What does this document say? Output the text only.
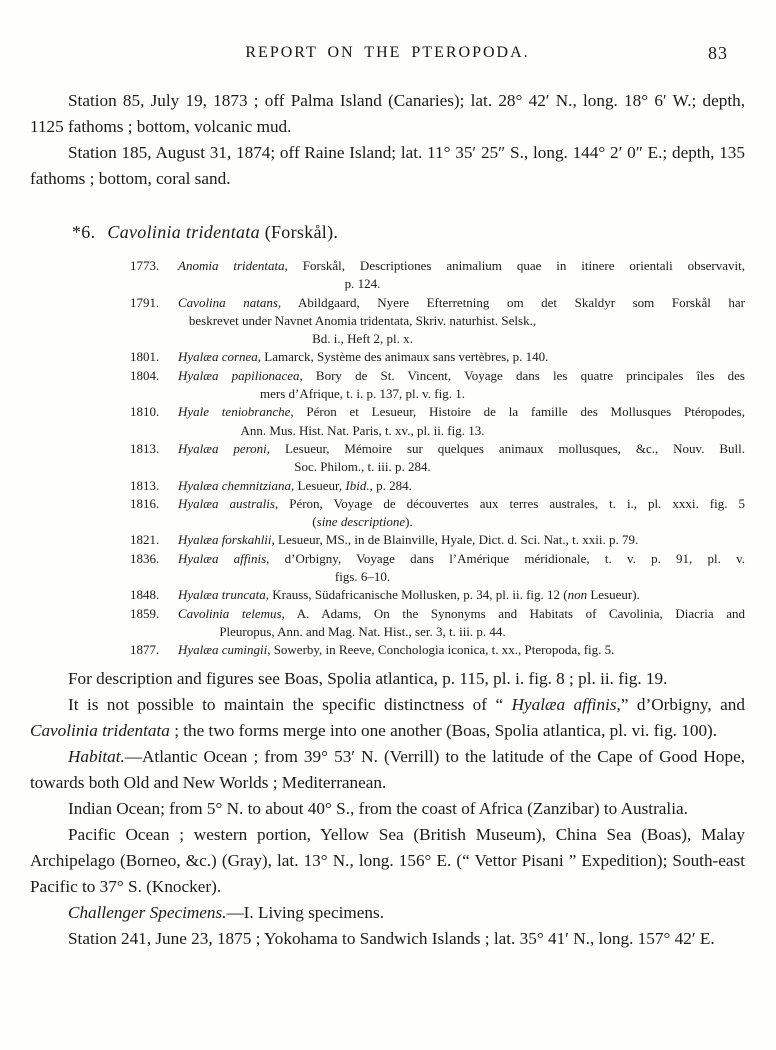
REPORT ON THE PTEROPODA.	83

Station 85, July 19, 1873 ; off Palma Island (Canaries); lat. 28° 42′ N., long. 18° 6′ W.; depth, 1125 fathoms ; bottom, volcanic mud.

Station 185, August 31, 1874; off Raine Island; lat. 11° 35′ 25″ S., long. 144° 2′ 0″ E.; depth, 135 fathoms ; bottom, coral sand.

*6. Cavolinia tridentata (Forskål).
1773.	Anomia tridentata, Forskål, Descriptiones animalium quae in itinere orientali observavit,
p. 124.
1791.	Cavolina natans, Abildgaard, Nyere Efterretning om det Skaldyr som Forskål har
beskrevet under Navnet Anomia tridentata, Skriv. naturhist. Selsk.,
Bd. i., Heft 2, pl. x.
1801.	Hyalæa cornea, Lamarck, Système des animaux sans vertèbres, p. 140.
1804.	Hyalæa papilionacea, Bory de St. Vincent, Voyage dans les quatre principales îles des
mers d’Afrique, t. i. p. 137, pl. v. fig. 1.
1810.	Hyale teniobranche, Péron et Lesueur, Histoire de la famille des Mollusques Ptéropodes,
Ann. Mus. Hist. Nat. Paris, t. xv., pl. ii. fig. 13.
1813.	Hyalæa peroni, Lesueur, Mémoire sur quelques animaux mollusques, &c., Nouv. Bull.
Soc. Philom., t. iii. p. 284.
1813.	Hyalæa chemnitziana, Lesueur, Ibid., p. 284.
1816.	Hyalæa australis, Péron, Voyage de découvertes aux terres australes, t. i., pl. xxxi. fig. 5
(sine descriptione).
1821.	Hyalæa forskahlii, Lesueur, MS., in de Blainville, Hyale, Dict. d. Sci. Nat., t. xxii. p. 79.
1836.	Hyalæa affinis, d’Orbigny, Voyage dans l’Amérique méridionale, t. v. p. 91, pl. v.
figs. 6–10.
1848.	Hyalæa truncata, Krauss, Südafricanische Mollusken, p. 34, pl. ii. fig. 12 (non Lesueur).
1859.	Cavolinia telemus, A. Adams, On the Synonyms and Habitats of Cavolinia, Diacria and
Pleuropus, Ann. and Mag. Nat. Hist., ser. 3, t. iii. p. 44.
1877.	Hyalæa cumingii, Sowerby, in Reeve, Conchologia iconica, t. xx., Pteropoda, fig. 5.

For description and figures see Boas, Spolia atlantica, p. 115, pl. i. fig. 8 ; pl. ii. fig. 19.

It is not possible to maintain the specific distinctness of “ Hyalæa affinis,” d’Orbigny, and Cavolinia tridentata ; the two forms merge into one another (Boas, Spolia atlantica, pl. vi. fig. 100).

Habitat.—Atlantic Ocean ; from 39° 53′ N. (Verrill) to the latitude of the Cape of Good Hope, towards both Old and New Worlds ; Mediterranean.

Indian Ocean; from 5° N. to about 40° S., from the coast of Africa (Zanzibar) to Australia.

Pacific Ocean ; western portion, Yellow Sea (British Museum), China Sea (Boas), Malay Archipelago (Borneo, &c.) (Gray), lat. 13° N., long. 156° E. (“ Vettor Pisani ” Expedition); South-east Pacific to 37° S. (Knocker).

Challenger Specimens.—I. Living specimens.

Station 241, June 23, 1875 ; Yokohama to Sandwich Islands ; lat. 35° 41′ N., long. 157° 42′ E.
